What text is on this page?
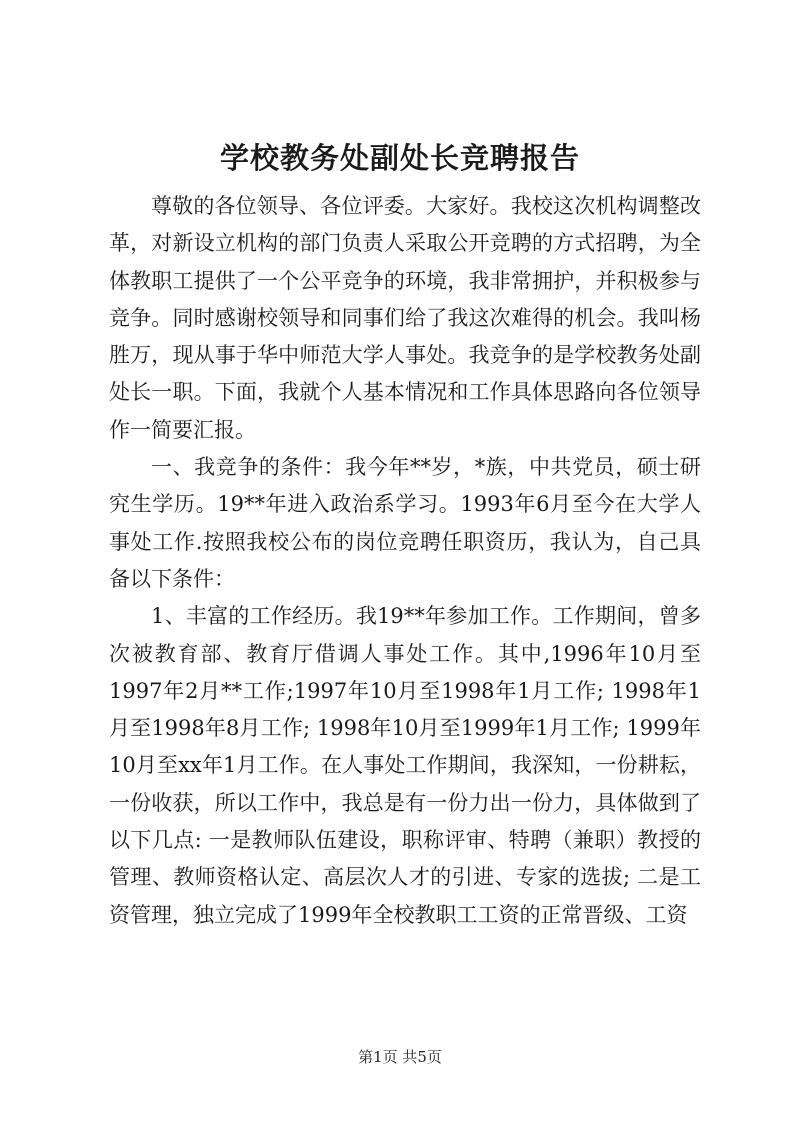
学校教务处副处长竞聘报告

尊敬的各位领导、各位评委。大家好。我校这次机构调整改革，对新设立机构的部门负责人采取公开竞聘的方式招聘，为全体教职工提供了一个公平竞争的环境，我非常拥护，并积极参与竞争。同时感谢校领导和同事们给了我这次难得的机会。我叫杨胜万，现从事于华中师范大学人事处。我竞争的是学校教务处副处长一职。下面，我就个人基本情况和工作具体思路向各位领导作一简要汇报。

一、我竞争的条件：我今年**岁，*族，中共党员，硕士研究生学历。19**年进入政治系学习。1993年6月至今在大学人事处工作.按照我校公布的岗位竞聘任职资历，我认为，自己具备以下条件：

1、丰富的工作经历。我19**年参加工作。工作期间，曾多次被教育部、教育厅借调人事处工作。其中,1996年10月至1997年2月**工作;1997年10月至1998年1月工作; 1998年1月至1998年8月工作; 1998年10月至1999年1月工作; 1999年10月至xx年1月工作。在人事处工作期间，我深知，一份耕耘，一份收获，所以工作中，我总是有一份力出一份力，具体做到了以下几点: 一是教师队伍建设，职称评审、特聘（兼职）教授的管理、教师资格认定、高层次人才的引进、专家的选拔; 二是工资管理，独立完成了1999年全校教职工工资的正常晋级、工资

第1页 共5页
